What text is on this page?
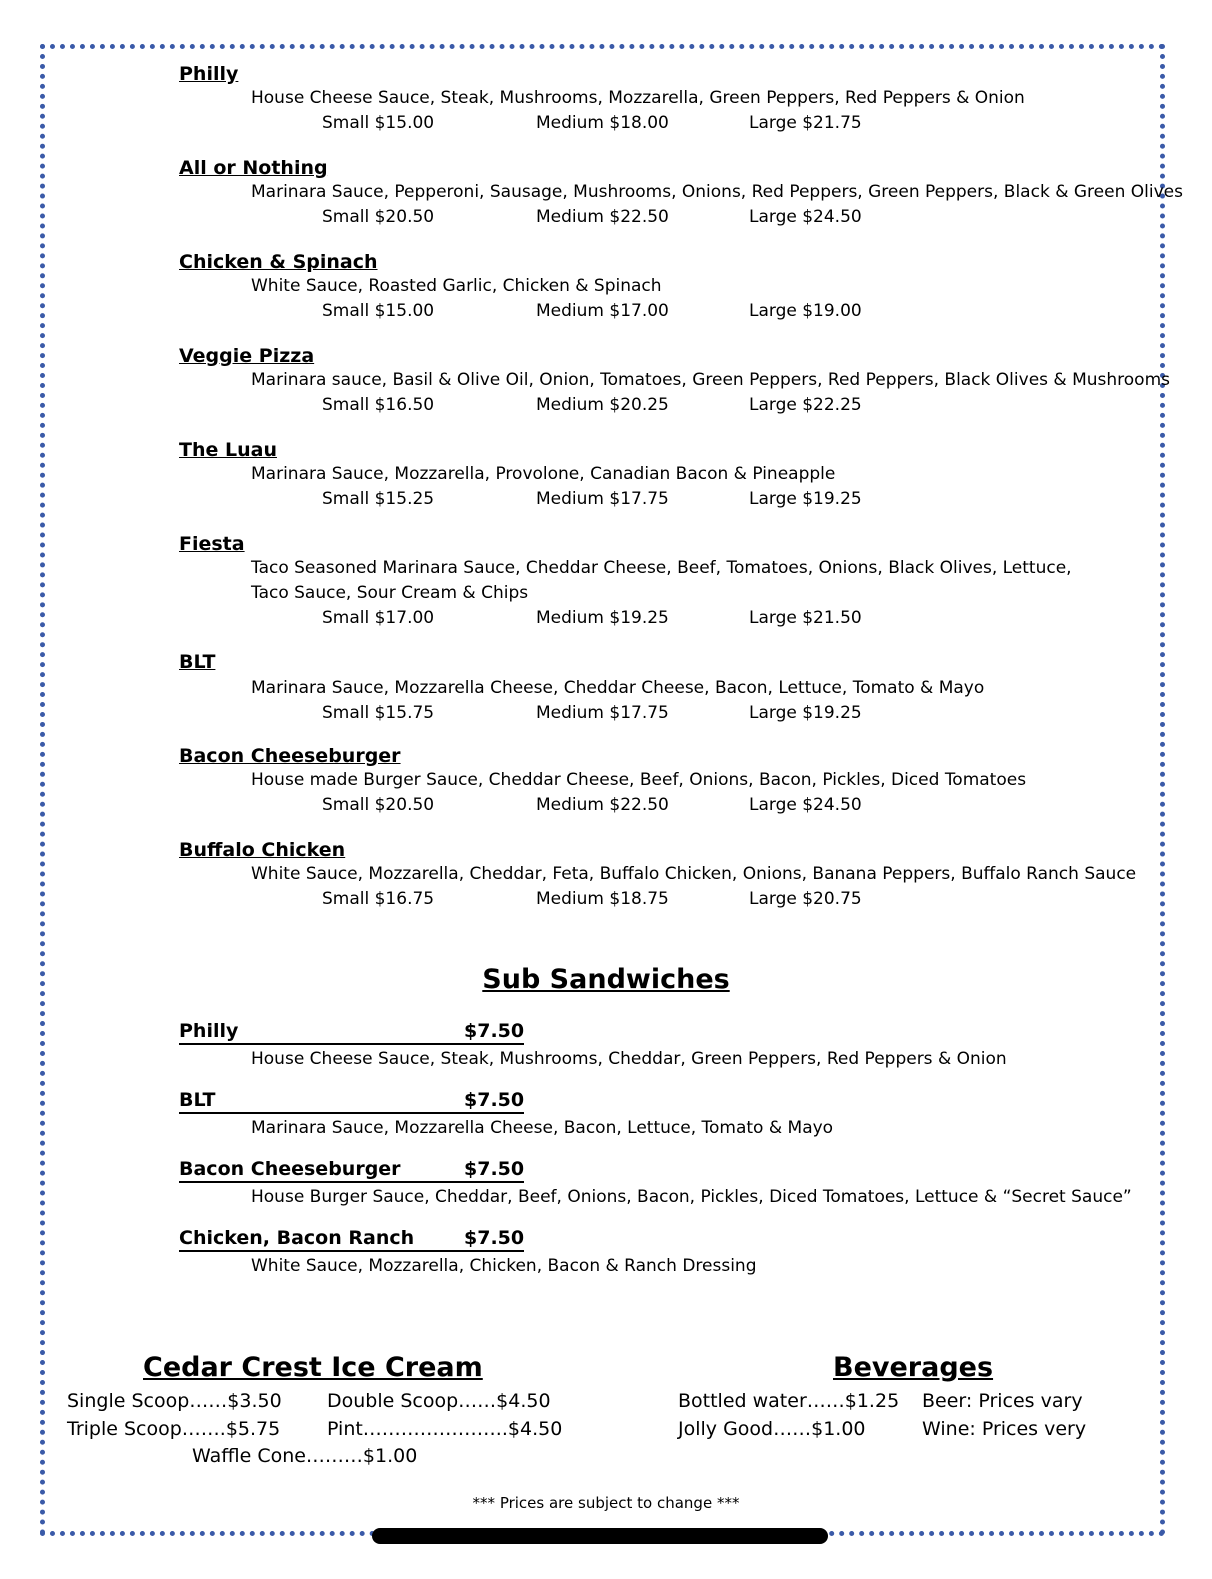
Philly
House Cheese Sauce, Steak, Mushrooms, Mozzarella, Green Peppers, Red Peppers & Onion
Small $15.00	Medium $18.00	Large $21.75
All or Nothing
Marinara Sauce, Pepperoni, Sausage, Mushrooms, Onions, Red Peppers, Green Peppers, Black & Green Olives
Small $20.50	Medium $22.50	Large $24.50
Chicken & Spinach
White Sauce, Roasted Garlic, Chicken & Spinach
Small $15.00	Medium $17.00	Large $19.00
Veggie Pizza
Marinara sauce, Basil & Olive Oil, Onion, Tomatoes, Green Peppers, Red Peppers, Black Olives & Mushrooms
Small $16.50	Medium $20.25	Large $22.25
The Luau
Marinara Sauce, Mozzarella, Provolone, Canadian Bacon & Pineapple
Small $15.25	Medium $17.75	Large $19.25
Fiesta
Taco Seasoned Marinara Sauce, Cheddar Cheese, Beef, Tomatoes, Onions, Black Olives, Lettuce,
Taco Sauce, Sour Cream & Chips
Small $17.00	Medium $19.25	Large $21.50
BLT
Marinara Sauce, Mozzarella Cheese, Cheddar Cheese, Bacon, Lettuce, Tomato & Mayo
Small $15.75	Medium $17.75	Large $19.25
Bacon Cheeseburger
House made Burger Sauce, Cheddar Cheese, Beef, Onions, Bacon, Pickles, Diced Tomatoes
Small $20.50	Medium $22.50	Large $24.50
Buffalo Chicken
White Sauce, Mozzarella, Cheddar, Feta, Buffalo Chicken, Onions, Banana Peppers, Buffalo Ranch Sauce
Small $16.75	Medium $18.75	Large $20.75
Sub Sandwiches
Philly	$7.50
House Cheese Sauce, Steak, Mushrooms, Cheddar, Green Peppers, Red Peppers & Onion
BLT	$7.50
Marinara Sauce, Mozzarella Cheese, Bacon, Lettuce, Tomato & Mayo
Bacon Cheeseburger	$7.50
House Burger Sauce, Cheddar, Beef, Onions, Bacon, Pickles, Diced Tomatoes, Lettuce & “Secret Sauce”
Chicken, Bacon Ranch	$7.50
White Sauce, Mozzarella, Chicken, Bacon & Ranch Dressing
Cedar Crest Ice Cream
Single Scoop……$3.50 Double Scoop……$4.50
Triple Scoop…….$5.75 Pint…………………..$4.50
Waffle Cone………$1.00
Beverages
Bottled water……$1.25 Beer: Prices vary
Jolly Good……$1.00	Wine: Prices very
*** Prices are subject to change ***
